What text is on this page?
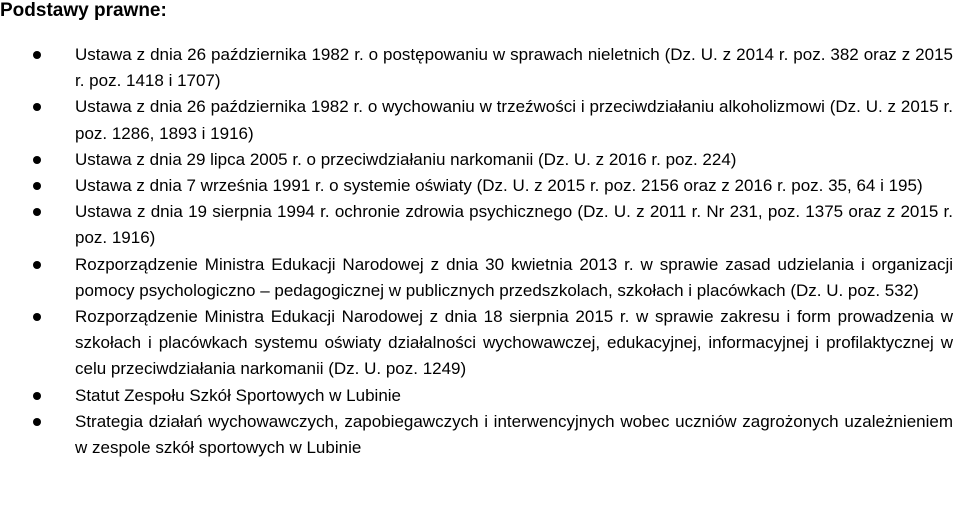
Podstawy prawne:
Ustawa z dnia 26 października 1982 r. o postępowaniu w sprawach nieletnich (Dz. U. z 2014 r. poz. 382 oraz z 2015 r. poz. 1418 i 1707)
Ustawa z dnia 26 października 1982 r. o wychowaniu w trzeźwości i przeciwdziałaniu alkoholizmowi (Dz. U. z 2015 r. poz. 1286, 1893 i 1916)
Ustawa z dnia 29 lipca 2005 r. o przeciwdziałaniu narkomanii (Dz. U. z 2016 r. poz. 224)
Ustawa z dnia 7 września 1991 r. o systemie oświaty (Dz. U. z 2015 r. poz. 2156 oraz z 2016 r. poz. 35, 64 i 195)
Ustawa z dnia 19 sierpnia 1994 r. ochronie zdrowia psychicznego (Dz. U. z 2011 r. Nr 231, poz. 1375 oraz z 2015 r. poz. 1916)
Rozporządzenie Ministra Edukacji Narodowej z dnia 30 kwietnia 2013 r. w sprawie zasad udzielania i organizacji pomocy psychologiczno – pedagogicznej w publicznych przedszkolach, szkołach i placówkach (Dz. U. poz. 532)
Rozporządzenie Ministra Edukacji Narodowej z dnia 18 sierpnia 2015 r. w sprawie zakresu i form prowadzenia w szkołach i placówkach systemu oświaty działalności wychowawczej, edukacyjnej, informacyjnej i profilaktycznej w celu przeciwdziałania narkomanii (Dz. U. poz. 1249)
Statut Zespołu Szkół Sportowych w Lubinie
Strategia działań wychowawczych, zapobiegawczych i interwencyjnych wobec uczniów zagrożonych uzależnieniem w zespole szkół sportowych w Lubinie
